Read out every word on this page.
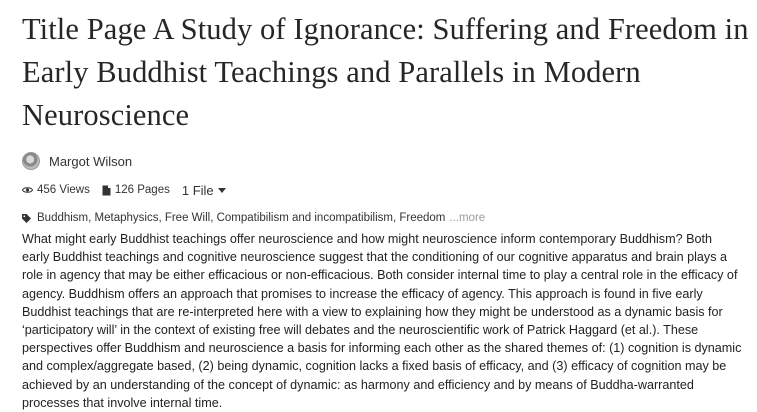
Title Page A Study of Ignorance: Suffering and Freedom in Early Buddhist Teachings and Parallels in Modern Neuroscience
Margot Wilson
456 Views 126 Pages 1 File
Buddhism, Metaphysics, Free Will, Compatibilism and incompatibilism, Freedom ...more
What might early Buddhist teachings offer neuroscience and how might neuroscience inform contemporary Buddhism? Both early Buddhist teachings and cognitive neuroscience suggest that the conditioning of our cognitive apparatus and brain plays a role in agency that may be either efficacious or non-efficacious. Both consider internal time to play a central role in the efficacy of agency. Buddhism offers an approach that promises to increase the efficacy of agency. This approach is found in five early Buddhist teachings that are re-interpreted here with a view to explaining how they might be understood as a dynamic basis for ‘participatory will’ in the context of existing free will debates and the neuroscientific work of Patrick Haggard (et al.). These perspectives offer Buddhism and neuroscience a basis for informing each other as the shared themes of: (1) cognition is dynamic and complex/aggregate based, (2) being dynamic, cognition lacks a fixed basis of efficacy, and (3) efficacy of cognition may be achieved by an understanding of the concept of dynamic: as harmony and efficiency and by means of Buddha-warranted processes that involve internal time.
